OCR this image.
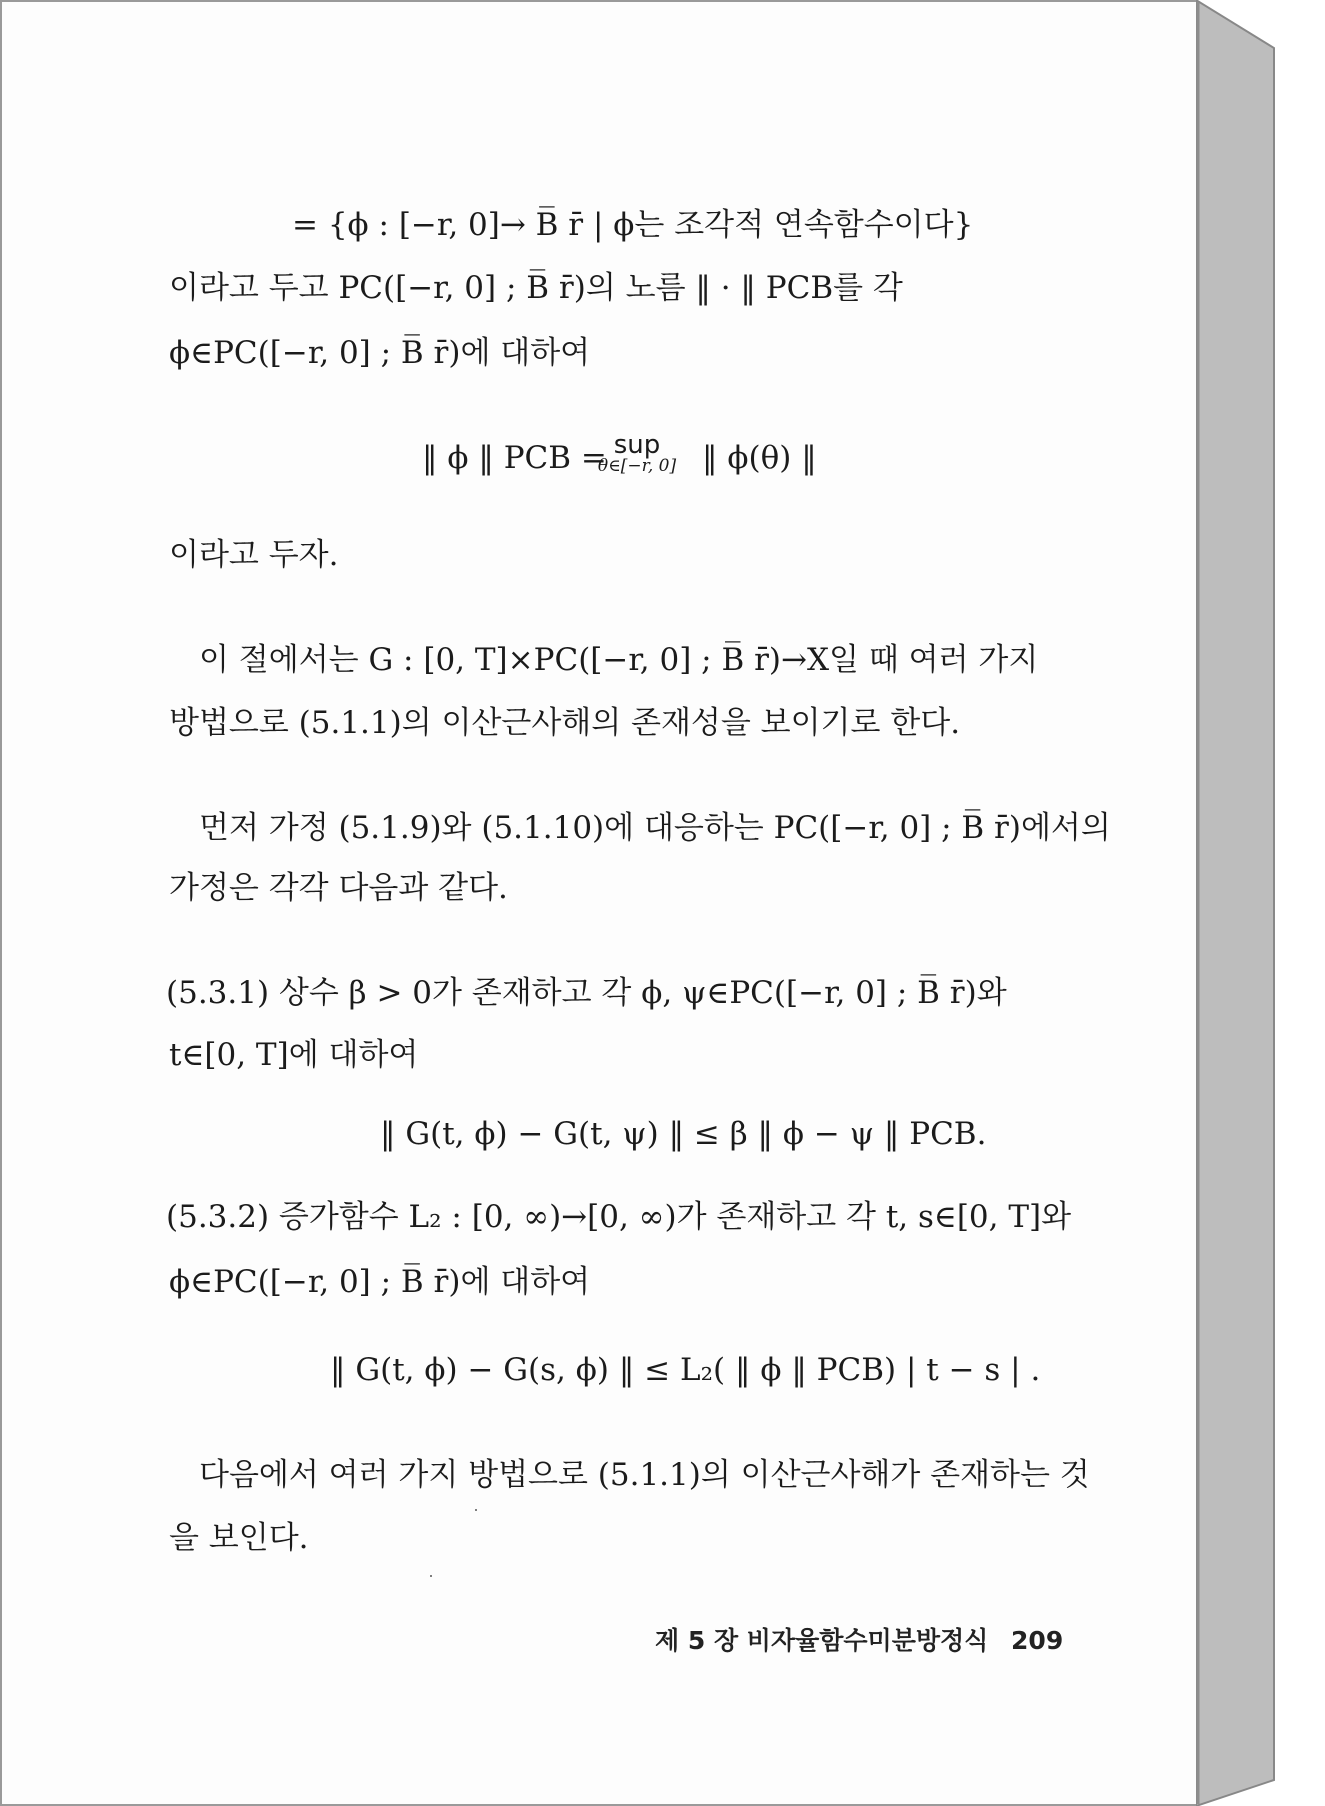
= {ϕ : [−r, 0]→ B̅ r̄ | ϕ는 조각적 연속함수이다}
이라고 두고 PC([−r, 0] ; B̅ r̄)의 노름 ‖ · ‖ PCB를 각
ϕ∈PC([−r, 0] ; B̅ r̄)에 대하여
‖ ϕ ‖ PCB = sup
θ∈[−r, 0] ‖ ϕ(θ) ‖
이라고 두자.
이 절에서는 G : [0, T]×PC([−r, 0] ; B̅ r̄)→X일 때 여러 가지
방법으로 (5.1.1)의 이산근사해의 존재성을 보이기로 한다.
먼저 가정 (5.1.9)와 (5.1.10)에 대응하는 PC([−r, 0] ; B̅ r̄)에서의
가정은 각각 다음과 같다.
(5.3.1) 상수 β > 0가 존재하고 각 ϕ, ψ∈PC([−r, 0] ; B̅ r̄)와
t∈[0, T]에 대하여
‖ G(t, ϕ) − G(t, ψ) ‖ ≤ β ‖ ϕ − ψ ‖ PCB.
(5.3.2) 증가함수 L₂ : [0, ∞)→[0, ∞)가 존재하고 각 t, s∈[0, T]와
ϕ∈PC([−r, 0] ; B̅ r̄)에 대하여
‖ G(t, ϕ) − G(s, ϕ) ‖ ≤ L₂( ‖ ϕ ‖ PCB) | t − s | .
다음에서 여러 가지 방법으로 (5.1.1)의 이산근사해가 존재하는 것
을 보인다.
제 5 장 비자율함수미분방정식 209
